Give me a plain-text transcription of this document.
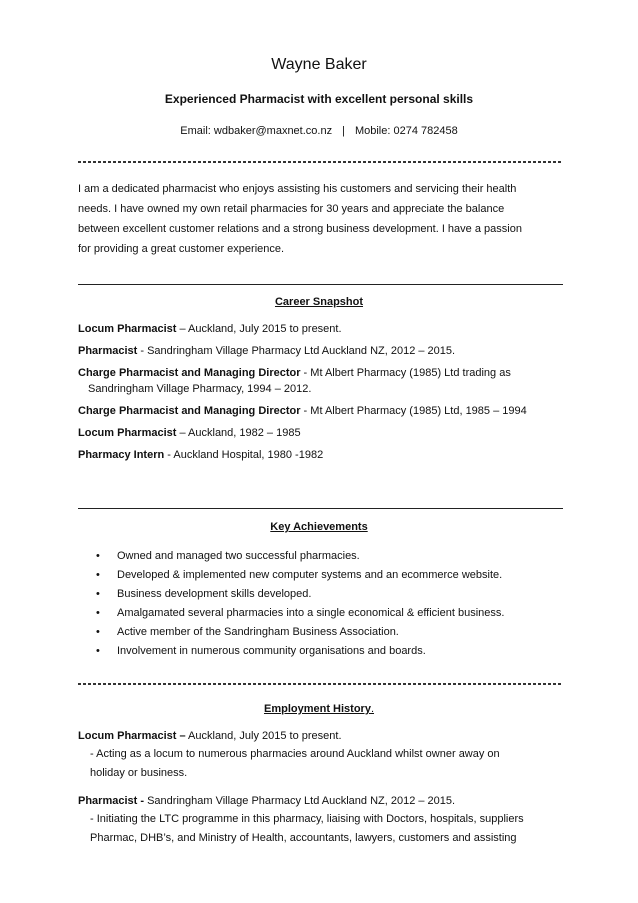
Wayne Baker
Experienced Pharmacist with excellent personal skills
Email: wdbaker@maxnet.co.nz | Mobile: 0274 782458
I am a dedicated pharmacist who enjoys assisting his customers and servicing their health
needs. I have owned my own retail pharmacies for 30 years and appreciate the balance
between excellent customer relations and a strong business development. I have a passion
for providing a great customer experience.
Career Snapshot
Locum Pharmacist – Auckland, July 2015 to present.
Pharmacist - Sandringham Village Pharmacy Ltd Auckland NZ, 2012 – 2015.
Charge Pharmacist and Managing Director - Mt Albert Pharmacy (1985) Ltd trading as
Sandringham Village Pharmacy, 1994 – 2012.
Charge Pharmacist and Managing Director - Mt Albert Pharmacy (1985) Ltd, 1985 – 1994
Locum Pharmacist – Auckland, 1982 – 1985
Pharmacy Intern - Auckland Hospital, 1980 -1982
Key Achievements
• Owned and managed two successful pharmacies.
• Developed & implemented new computer systems and an ecommerce website.
• Business development skills developed.
• Amalgamated several pharmacies into a single economical & efficient business.
• Active member of the Sandringham Business Association.
• Involvement in numerous community organisations and boards.
Employment History.
Locum Pharmacist – Auckland, July 2015 to present.
- Acting as a locum to numerous pharmacies around Auckland whilst owner away on
holiday or business.
Pharmacist - Sandringham Village Pharmacy Ltd Auckland NZ, 2012 – 2015.
- Initiating the LTC programme in this pharmacy, liaising with Doctors, hospitals, suppliers
Pharmac, DHB’s, and Ministry of Health, accountants, lawyers, customers and assisting
